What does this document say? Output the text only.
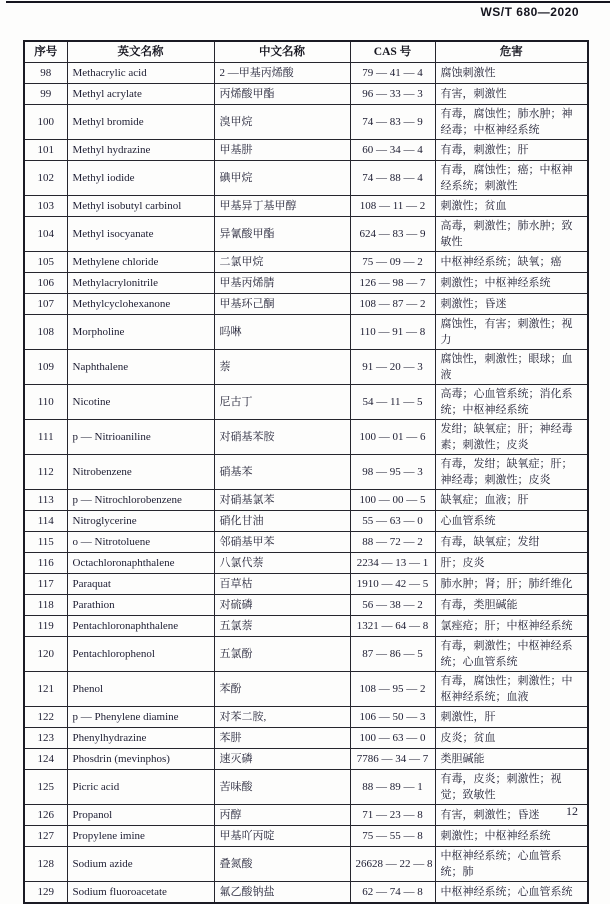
WS/T 680—2020
序号	英文名称	中文名称	CAS 号	危害
98	Methacrylic acid	2 —甲基丙烯酸	79 — 41 — 4	腐蚀刺激性
99	Methyl acrylate	丙烯酸甲酯	96 — 33 — 3	有害，刺激性
100	Methyl bromide	溴甲烷	74 — 83 — 9	有毒，腐蚀性；肺水肿；神经毒；中枢神经系统
101	Methyl hydrazine	甲基肼	60 — 34 — 4	有毒，刺激性；肝
102	Methyl iodide	碘甲烷	74 — 88 — 4	有毒，腐蚀性；癌；中枢神经系统；刺激性
103	Methyl isobutyl carbinol	甲基异丁基甲醇	108 — 11 — 2	刺激性；贫血
104	Methyl isocyanate	异氰酸甲酯	624 — 83 — 9	高毒，刺激性；肺水肿；致敏性
105	Methylene chloride	二氯甲烷	75 — 09 — 2	中枢神经系统；缺氧；癌
106	Methylacrylonitrile	甲基丙烯腈	126 — 98 — 7	刺激性；中枢神经系统
107	Methylcyclohexanone	甲基环己酮	108 — 87 — 2	刺激性；昏迷
108	Morpholine	吗啉	110 — 91 — 8	腐蚀性，有害；刺激性；视力
109	Naphthalene	萘	91 — 20 — 3	腐蚀性，刺激性；眼球；血液
110	Nicotine	尼古丁	54 — 11 — 5	高毒；心血管系统；消化系统；中枢神经系统
111	p — Nitrioaniline	对硝基苯胺	100 — 01 — 6	发绀；缺氧症；肝；神经毒素；刺激性；皮炎
112	Nitrobenzene	硝基苯	98 — 95 — 3	有毒，发绀；缺氧症；肝；神经毒；刺激性；皮炎
113	p — Nitrochlorobenzene	对硝基氯苯	100 — 00 — 5	缺氧症；血液；肝
114	Nitroglycerine	硝化甘油	55 — 63 — 0	心血管系统
115	o — Nitrotoluene	邻硝基甲苯	88 — 72 — 2	有毒，缺氧症；发绀
116	Octachloronaphthalene	八氯代萘	2234 — 13 — 1	肝；皮炎
117	Paraquat	百草枯	1910 — 42 — 5	肺水肿；肾；肝；肺纤维化
118	Parathion	对硫磷	56 — 38 — 2	有毒，类胆碱能
119	Pentachloronaphthalene	五氯萘	1321 — 64 — 8	氯痤疮；肝；中枢神经系统
120	Pentachlorophenol	五氯酚	87 — 86 — 5	有毒，刺激性；中枢神经系统；心血管系统
121	Phenol	苯酚	108 — 95 — 2	有毒，腐蚀性；刺激性；中枢神经系统；血液
122	p — Phenylene diamine	对苯二胺,	106 — 50 — 3	刺激性，肝
123	Phenylhydrazine	苯肼	100 — 63 — 0	皮炎；贫血
124	Phosdrin (mevinphos)	速灭磷	7786 — 34 — 7	类胆碱能
125	Picric acid	苦味酸	88 — 89 — 1	有毒，皮炎；刺激性；视觉；致敏性
126	Propanol	丙醇	71 — 23 — 8	有害，刺激性；昏迷
127	Propylene imine	甲基吖丙啶	75 — 55 — 8	刺激性；中枢神经系统
128	Sodium azide	叠氮酸	26628 — 22 — 8	中枢神经系统；心血管系统；肺
129	Sodium fluoroacetate	氟乙酸钠盐	62 — 74 — 8	中枢神经系统；心血管系统
12
